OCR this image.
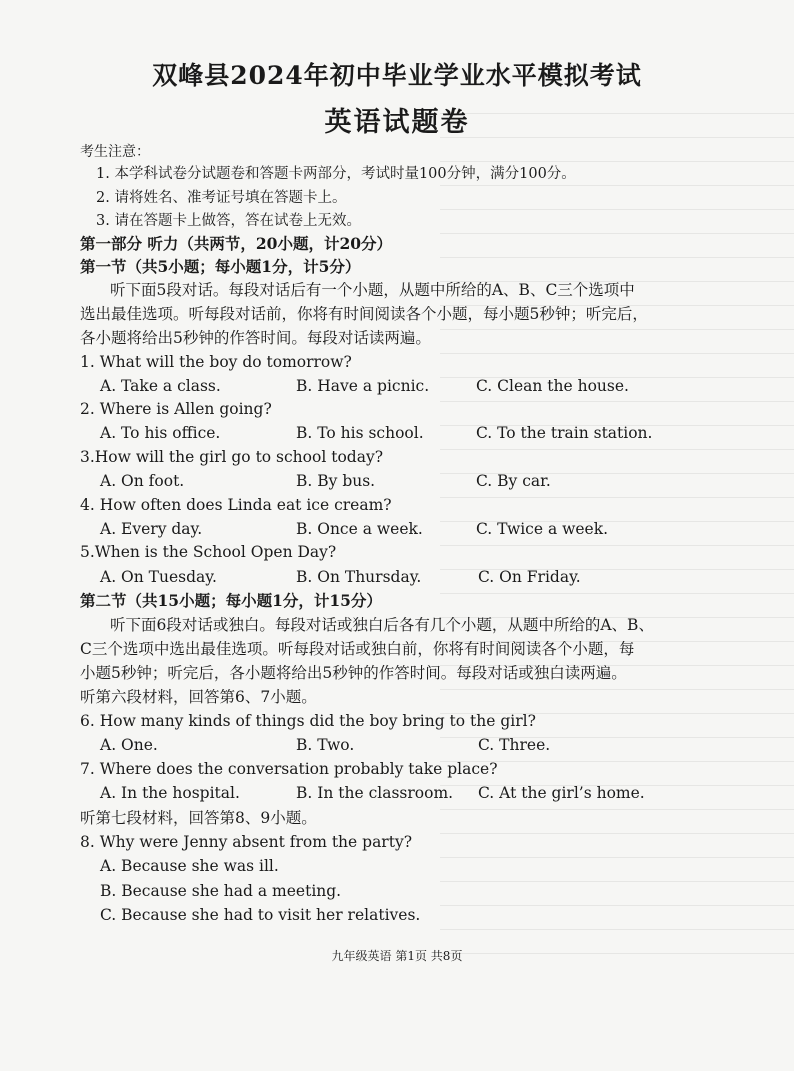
双峰县2024年初中毕业学业水平模拟考试
英语试题卷
考生注意：
1. 本学科试卷分试题卷和答题卡两部分，考试时量100分钟，满分100分。
2. 请将姓名、准考证号填在答题卡上。
3. 请在答题卡上做答，答在试卷上无效。
第一部分 听力（共两节，20小题，计20分）
第一节（共5小题；每小题1分，计5分）
听下面5段对话。每段对话后有一个小题，从题中所给的A、B、C三个选项中
选出最佳选项。听每段对话前，你将有时间阅读各个小题，每小题5秒钟；听完后，
各小题将给出5秒钟的作答时间。每段对话读两遍。
1. What will the boy do tomorrow?
A. Take a class.	B. Have a picnic.	C. Clean the house.
2. Where is Allen going?
A. To his office.	B. To his school.	C. To the train station.
3.How will the girl go to school today?
A. On foot.	B. By bus.	C. By car.
4. How often does Linda eat ice cream?
A. Every day.	B. Once a week.	C. Twice a week.
5.When is the School Open Day?
A. On Tuesday.	B. On Thursday.	C. On Friday.
第二节（共15小题；每小题1分，计15分）
听下面6段对话或独白。每段对话或独白后各有几个小题，从题中所给的A、B、
C三个选项中选出最佳选项。听每段对话或独白前，你将有时间阅读各个小题，每
小题5秒钟；听完后，各小题将给出5秒钟的作答时间。每段对话或独白读两遍。
听第六段材料，回答第6、7小题。
6. How many kinds of things did the boy bring to the girl?
A. One.	B. Two.	C. Three.
7. Where does the conversation probably take place?
A. In the hospital.	B. In the classroom. C. At the girl’s home.
听第七段材料，回答第8、9小题。
8. Why were Jenny absent from the party?
A. Because she was ill.
B. Because she had a meeting.
C. Because she had to visit her relatives.
九年级英语 第1页 共8页
